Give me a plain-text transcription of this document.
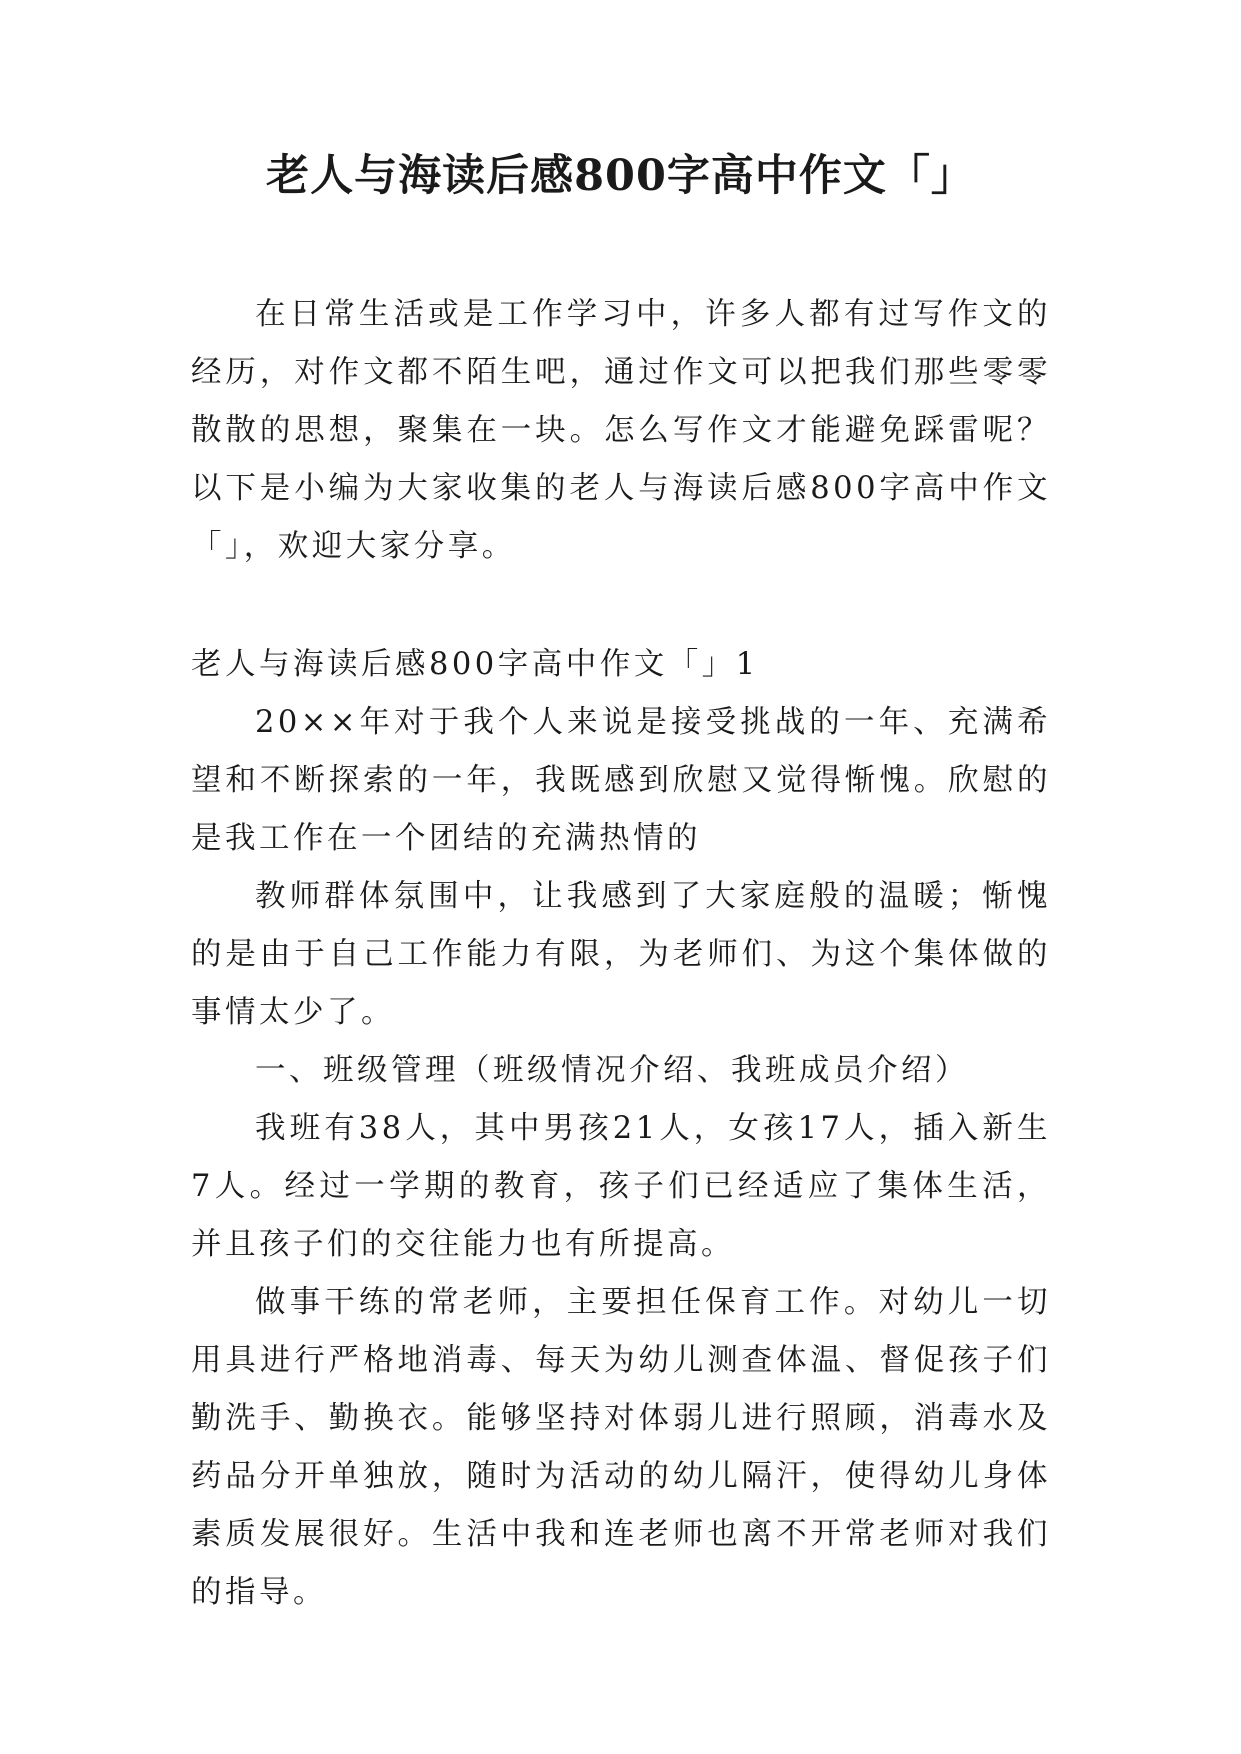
老人与海读后感800字高中作文「」

在日常生活或是工作学习中，许多人都有过写作文的经历，对作文都不陌生吧，通过作文可以把我们那些零零散散的思想，聚集在一块。怎么写作文才能避免踩雷呢？以下是小编为大家收集的老人与海读后感800字高中作文「」，欢迎大家分享。

老人与海读后感800字高中作文「」1

20××年对于我个人来说是接受挑战的一年、充满希望和不断探索的一年，我既感到欣慰又觉得惭愧。欣慰的是我工作在一个团结的充满热情的

教师群体氛围中，让我感到了大家庭般的温暖；惭愧的是由于自己工作能力有限，为老师们、为这个集体做的事情太少了。

一、班级管理（班级情况介绍、我班成员介绍）

我班有38人，其中男孩21人，女孩17人，插入新生7人。经过一学期的教育，孩子们已经适应了集体生活，并且孩子们的交往能力也有所提高。

做事干练的常老师，主要担任保育工作。对幼儿一切用具进行严格地消毒、每天为幼儿测查体温、督促孩子们勤洗手、勤换衣。能够坚持对体弱儿进行照顾，消毒水及药品分开单独放，随时为活动的幼儿隔汗，使得幼儿身体素质发展很好。生活中我和连老师也离不开常老师对我们的指导。
